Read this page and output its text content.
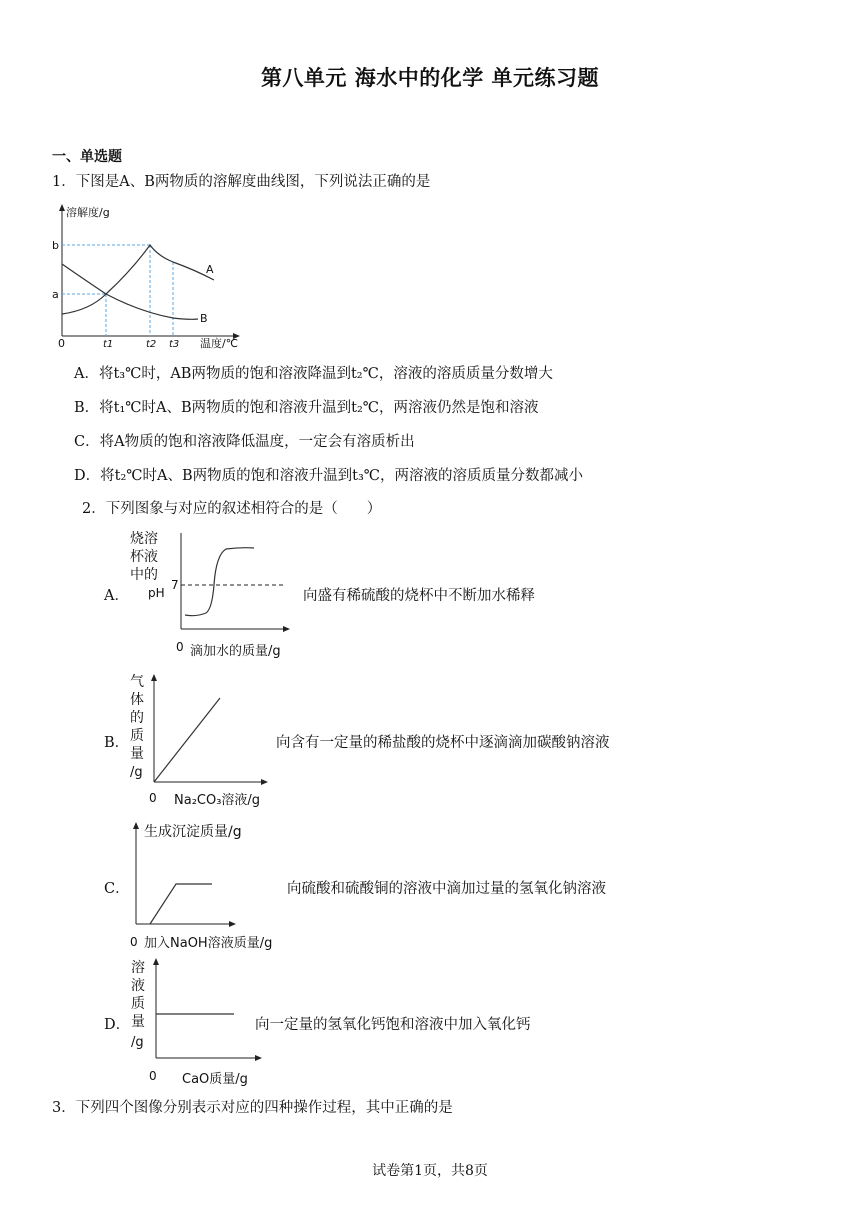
第八单元 海水中的化学 单元练习题
一、单选题
1．下图是A、B两物质的溶解度曲线图，下列说法正确的是
溶解度/g
温度/℃
0
b
a
t1	t2 t3
A
B
A．将t₃℃时，AB两物质的饱和溶液降温到t₂℃，溶液的溶质质量分数增大
B．将t₁℃时A、B两物质的饱和溶液升温到t₂℃，两溶液仍然是饱和溶液
C．将A物质的饱和溶液降低温度，一定会有溶质析出
D．将t₂℃时A、B两物质的饱和溶液升温到t₃℃，两溶液的溶质质量分数都减小
2．下列图象与对应的叙述相符合的是（　　）
A．
烧溶
杯液
中的
pH
7
0 滴加水的质量/g
向盛有稀硫酸的烧杯中不断加水稀释
B．
气
体
的
质
量
/g
0 Na₂CO₃溶液/g
向含有一定量的稀盐酸的烧杯中逐滴滴加碳酸钠溶液
C．
生成沉淀质量/g
0 加入NaOH溶液质量/g
向硫酸和硫酸铜的溶液中滴加过量的氢氧化钠溶液
D．
溶
液
质
量
/g
0 CaO质量/g
向一定量的氢氧化钙饱和溶液中加入氧化钙
3．下列四个图像分别表示对应的四种操作过程，其中正确的是
试卷第1页，共8页
